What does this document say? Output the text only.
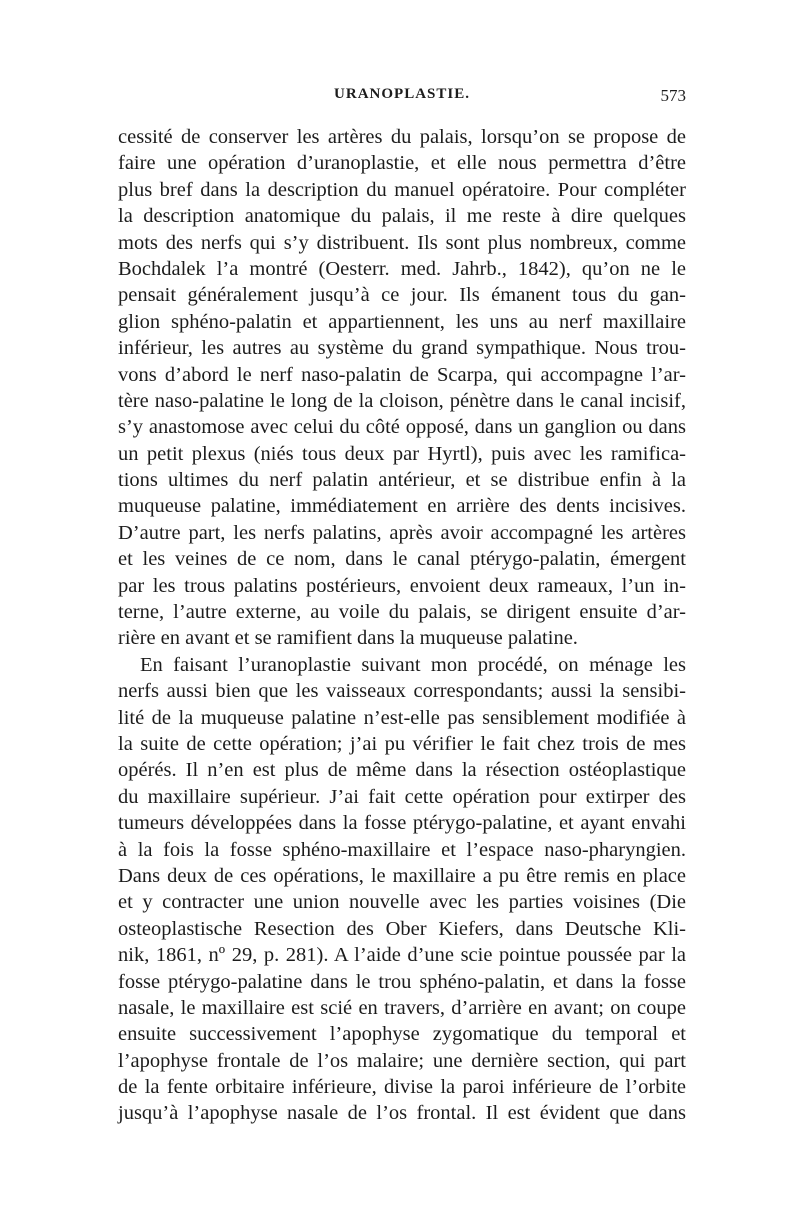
URANOPLASTIE.	573
cessité de conserver les artères du palais, lorsqu’on se propose de
faire une opération d’uranoplastie, et elle nous permettra d’être
plus bref dans la description du manuel opératoire. Pour compléter
la description anatomique du palais, il me reste à dire quelques
mots des nerfs qui s’y distribuent. Ils sont plus nombreux, comme
Bochdalek l’a montré (Oesterr. med. Jahrb., 1842), qu’on ne le
pensait généralement jusqu’à ce jour. Ils émanent tous du gan-
glion sphéno-palatin et appartiennent, les uns au nerf maxillaire
inférieur, les autres au système du grand sympathique. Nous trou-
vons d’abord le nerf naso-palatin de Scarpa, qui accompagne l’ar-
tère naso-palatine le long de la cloison, pénètre dans le canal incisif,
s’y anastomose avec celui du côté opposé, dans un ganglion ou dans
un petit plexus (niés tous deux par Hyrtl), puis avec les ramifica-
tions ultimes du nerf palatin antérieur, et se distribue enfin à la
muqueuse palatine, immédiatement en arrière des dents incisives.
D’autre part, les nerfs palatins, après avoir accompagné les artères
et les veines de ce nom, dans le canal ptérygo-palatin, émergent
par les trous palatins postérieurs, envoient deux rameaux, l’un in-
terne, l’autre externe, au voile du palais, se dirigent ensuite d’ar-
rière en avant et se ramifient dans la muqueuse palatine.
En faisant l’uranoplastie suivant mon procédé, on ménage les
nerfs aussi bien que les vaisseaux correspondants; aussi la sensibi-
lité de la muqueuse palatine n’est-elle pas sensiblement modifiée à
la suite de cette opération; j’ai pu vérifier le fait chez trois de mes
opérés. Il n’en est plus de même dans la résection ostéoplastique
du maxillaire supérieur. J’ai fait cette opération pour extirper des
tumeurs développées dans la fosse ptérygo-palatine, et ayant envahi
à la fois la fosse sphéno-maxillaire et l’espace naso-pharyngien.
Dans deux de ces opérations, le maxillaire a pu être remis en place
et y contracter une union nouvelle avec les parties voisines (Die
osteoplastische Resection des Ober Kiefers, dans Deutsche Kli-
nik, 1861, nº 29, p. 281). A l’aide d’une scie pointue poussée par la
fosse ptérygo-palatine dans le trou sphéno-palatin, et dans la fosse
nasale, le maxillaire est scié en travers, d’arrière en avant; on coupe
ensuite successivement l’apophyse zygomatique du temporal et
l’apophyse frontale de l’os malaire; une dernière section, qui part
de la fente orbitaire inférieure, divise la paroi inférieure de l’orbite
jusqu’à l’apophyse nasale de l’os frontal. Il est évident que dans
